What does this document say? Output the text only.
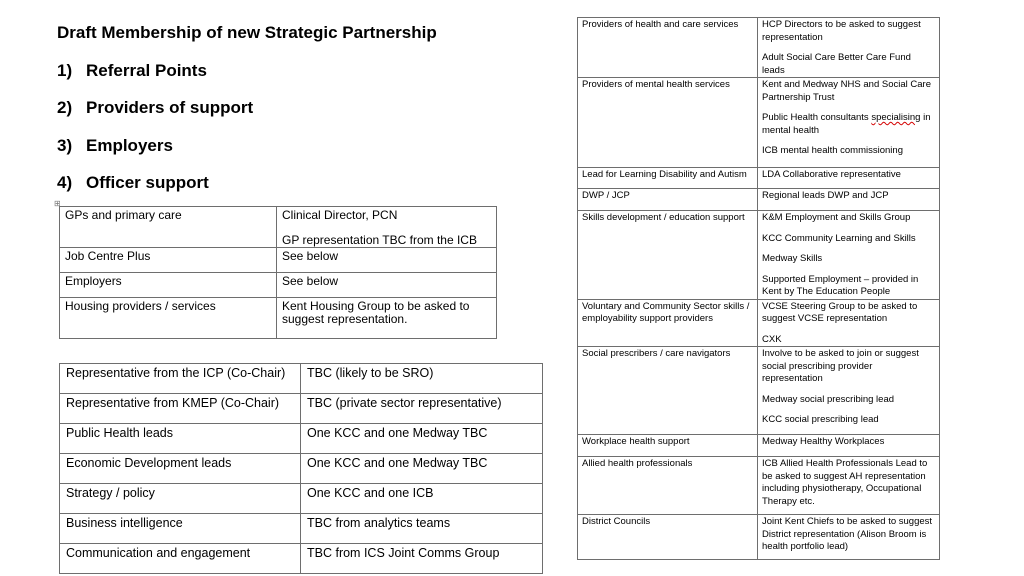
Draft Membership of new Strategic Partnership
1) Referral Points
2) Providers of support
3) Employers
4) Officer support
⊞
GPs and primary care	Clinical Director, PCN

GP representation TBC from the ICB

Job Centre Plus	See below
Employers	See below
Housing providers / services	Kent Housing Group to be asked to suggest representation.
Representative from the ICP (Co-Chair)	TBC (likely to be SRO)
Representative from KMEP (Co-Chair)	TBC (private sector representative)
Public Health leads	One KCC and one Medway TBC
Economic Development leads	One KCC and one Medway TBC
Strategy / policy	One KCC and one ICB
Business intelligence	TBC from analytics teams
Communication and engagement	TBC from ICS Joint Comms Group
Providers of health and care services	HCP Directors to be asked to suggest representation

Adult Social Care Better Care Fund leads

Providers of mental health services	Kent and Medway NHS and Social Care Partnership Trust

Public Health consultants specialising in mental health

ICB mental health commissioning

Lead for Learning Disability and Autism	LDA Collaborative representative
DWP / JCP	Regional leads DWP and JCP
Skills development / education support	K&M Employment and Skills Group

KCC Community Learning and Skills

Medway Skills

Supported Employment – provided in Kent by The Education People

Voluntary and Community Sector skills / employability support providers	VCSE Steering Group to be asked to suggest VCSE representation

CXK

Social prescribers / care navigators	Involve to be asked to join or suggest social prescribing provider representation

Medway social prescribing lead

KCC social prescribing lead

Workplace health support	Medway Healthy Workplaces
Allied health professionals	ICB Allied Health Professionals Lead to be asked to suggest AH representation including physiotherapy, Occupational Therapy etc.
District Councils	Joint Kent Chiefs to be asked to suggest District representation (Alison Broom is health portfolio lead)
